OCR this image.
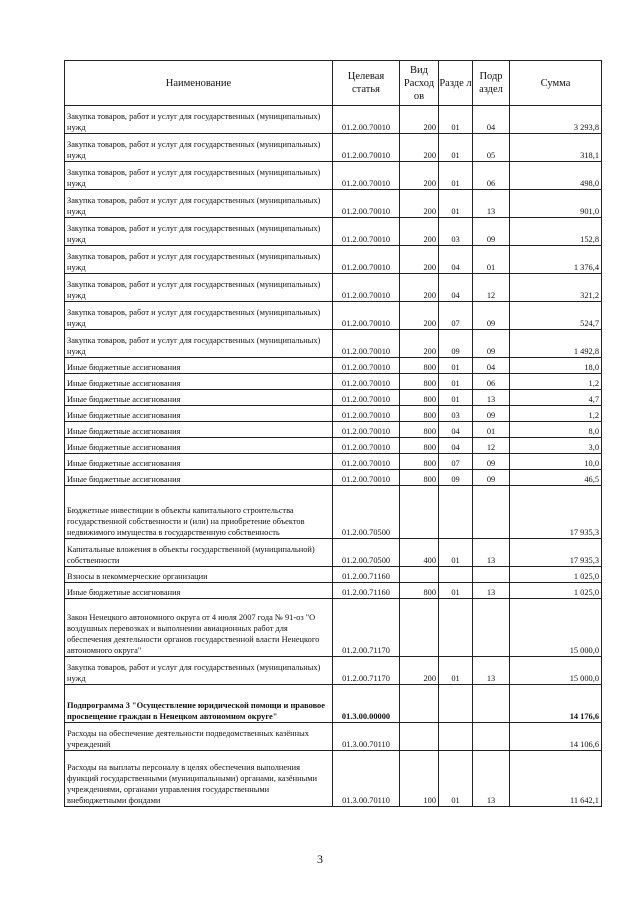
Наименование	Целевая статья	Вид Расход ов	Разде л	Подр аздел	Сумма
Закупка товаров, работ и услуг для государственных (муниципальных) нужд	01.2.00.70010	200	01	04	3 293,8
Закупка товаров, работ и услуг для государственных (муниципальных) нужд	01.2.00.70010	200	01	05	318,1
Закупка товаров, работ и услуг для государственных (муниципальных) нужд	01.2.00.70010	200	01	06	498,0
Закупка товаров, работ и услуг для государственных (муниципальных) нужд	01.2.00.70010	200	01	13	901,0
Закупка товаров, работ и услуг для государственных (муниципальных) нужд	01.2.00.70010	200	03	09	152,8
Закупка товаров, работ и услуг для государственных (муниципальных) нужд	01.2.00.70010	200	04	01	1 376,4
Закупка товаров, работ и услуг для государственных (муниципальных) нужд	01.2.00.70010	200	04	12	321,2
Закупка товаров, работ и услуг для государственных (муниципальных) нужд	01.2.00.70010	200	07	09	524,7
Закупка товаров, работ и услуг для государственных (муниципальных) нужд	01.2.00.70010	200	09	09	1 492,8
Иные бюджетные ассигнования	01.2.00.70010	800	01	04	18,0
Иные бюджетные ассигнования	01.2.00.70010	800	01	06	1,2
Иные бюджетные ассигнования	01.2.00.70010	800	01	13	4,7
Иные бюджетные ассигнования	01.2.00.70010	800	03	09	1,2
Иные бюджетные ассигнования	01.2.00.70010	800	04	01	8,0
Иные бюджетные ассигнования	01.2.00.70010	800	04	12	3,0
Иные бюджетные ассигнования	01.2.00.70010	800	07	09	10,0
Иные бюджетные ассигнования	01.2.00.70010	800	09	09	46,5
Бюджетные инвестиции в объекты капитального строительства государственной собственности и (или) на приобретение объектов недвижимого имущества в государственную собственность	01.2.00.70500				17 935,3
Капитальные вложения в объекты государственной (муниципальной) собственности	01.2.00.70500	400	01	13	17 935,3
Взносы в некоммерческие организации	01.2.00.71160				1 025,0
Иные бюджетные ассигнования	01.2.00.71160	800	01	13	1 025,0
Закон Ненецкого автономного округа от 4 июля 2007 года № 91-оз "О воздушных перевозках и выполнении авиационных работ для обеспечения деятельности органов государственной власти Ненецкого автономного округа"	01.2.00.71170				15 000,0
Закупка товаров, работ и услуг для государственных (муниципальных) нужд	01.2.00.71170	200	01	13	15 000,0
Подпрограмма 3 "Осуществление юридической помощи и правовое просвещение граждан в Ненецком автономном округе"	01.3.00.00000				14 176,6
Расходы на обеспечение деятельности подведомственных казённых учреждений	01.3.00.70110				14 106,6
Расходы на выплаты персоналу в целях обеспечения выполнения функций государственными (муниципальными) органами, казёнными учреждениями, органами управления государственными внебюджетными фондами	01.3.00.70110	100	01	13	11 642,1
3
